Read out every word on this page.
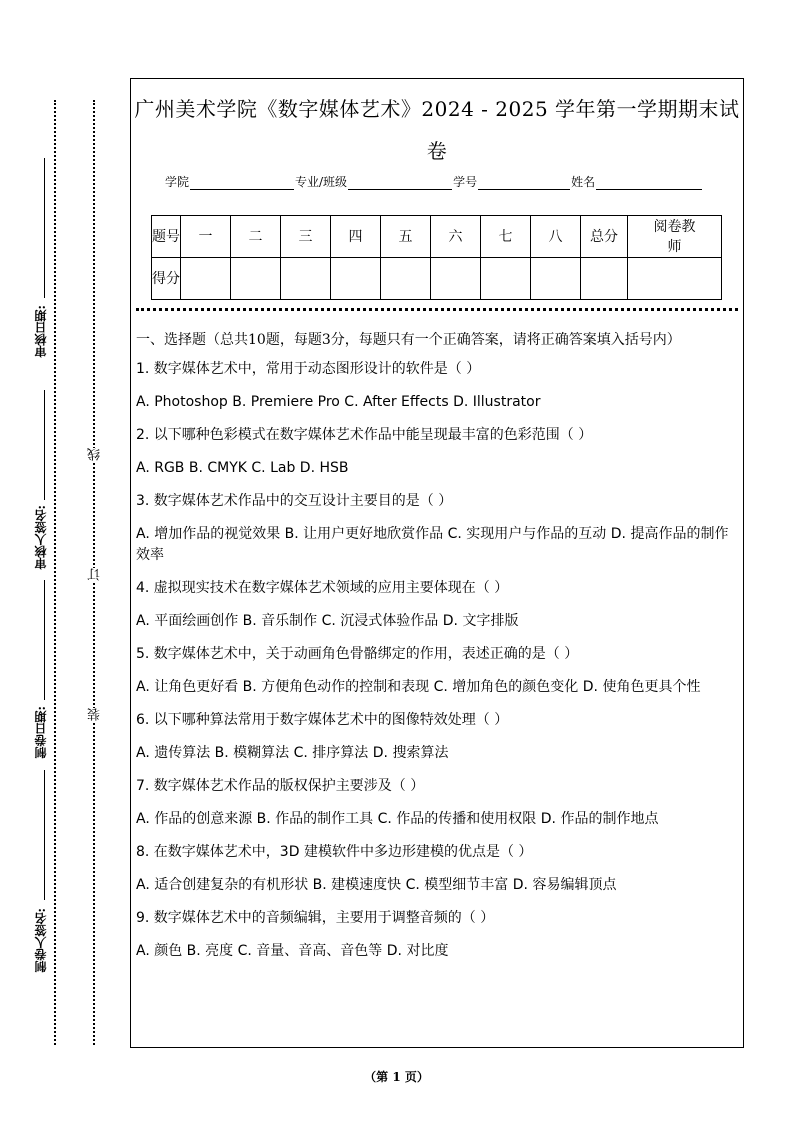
审核日期:
审核人签名:
制卷日期:
制卷人签名:
线
订
装
广州美术学院《数字媒体艺术》2024 - 2025 学年第一学期期末试
卷
学院	专业/班级	学号	姓名
题号	一	二	三	四	五	六	七	八	总分	阅卷教师
得分										

一、选择题（总共10题，每题3分，每题只有一个正确答案，请将正确答案填入括号内）

1. 数字媒体艺术中，常用于动态图形设计的软件是（ ）

A. Photoshop B. Premiere Pro C. After Effects D. Illustrator

2. 以下哪种色彩模式在数字媒体艺术作品中能呈现最丰富的色彩范围（ ）

A. RGB B. CMYK C. Lab D. HSB

3. 数字媒体艺术作品中的交互设计主要目的是（ ）

A. 增加作品的视觉效果 B. 让用户更好地欣赏作品 C. 实现用户与作品的互动 D. 提高作品的制作效率

4. 虚拟现实技术在数字媒体艺术领域的应用主要体现在（ ）

A. 平面绘画创作 B. 音乐制作 C. 沉浸式体验作品 D. 文字排版

5. 数字媒体艺术中，关于动画角色骨骼绑定的作用，表述正确的是（ ）

A. 让角色更好看 B. 方便角色动作的控制和表现 C. 增加角色的颜色变化 D. 使角色更具个性

6. 以下哪种算法常用于数字媒体艺术中的图像特效处理（ ）

A. 遗传算法 B. 模糊算法 C. 排序算法 D. 搜索算法

7. 数字媒体艺术作品的版权保护主要涉及（ ）

A. 作品的创意来源 B. 作品的制作工具 C. 作品的传播和使用权限 D. 作品的制作地点

8. 在数字媒体艺术中，3D 建模软件中多边形建模的优点是（ ）

A. 适合创建复杂的有机形状 B. 建模速度快 C. 模型细节丰富 D. 容易编辑顶点

9. 数字媒体艺术中的音频编辑，主要用于调整音频的（ ）

A. 颜色 B. 亮度 C. 音量、音高、音色等 D. 对比度

（第 1 页）
